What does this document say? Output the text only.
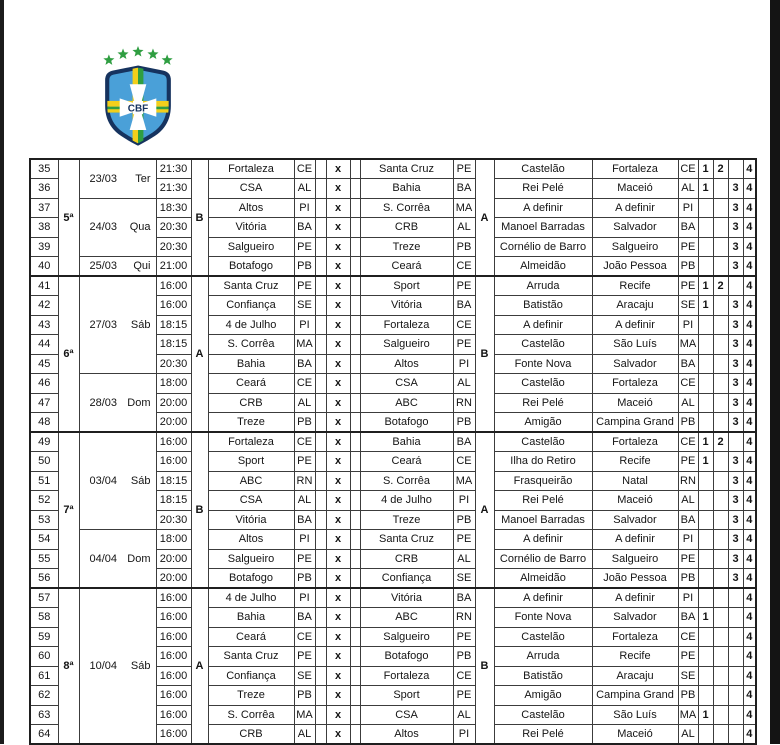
CBF
35	5ª	23/03 Ter	21:30	B	Fortaleza	CE		x		Santa Cruz	PE	A	Castelão	Fortaleza	CE	1	2		4
36			21:30		CSA	AL		x		Bahia	BA		Rei Pelé	Maceió	AL	1		3	4
37		24/03 Qua	18:30		Altos	PI		x		S. Corrêa	MA		A definir	A definir	PI			3	4
38			20:30		Vitória	BA		x		CRB	AL		Manoel Barradas	Salvador	BA			3	4
39			20:30		Salgueiro	PE		x		Treze	PB		Cornélio de Barro	Salgueiro	PE			3	4
40		25/03 Qui	21:00		Botafogo	PB		x		Ceará	CE		Almeidão	João Pessoa	PB			3	4
41	6ª	27/03 Sáb	16:00	A	Santa Cruz	PE		x		Sport	PE	B	Arruda	Recife	PE	1	2		4
42			16:00		Confiança	SE		x		Vitória	BA		Batistão	Aracaju	SE	1		3	4
43			18:15		4 de Julho	PI		x		Fortaleza	CE		A definir	A definir	PI			3	4
44			18:15		S. Corrêa	MA		x		Salgueiro	PE		Castelão	São Luís	MA			3	4
45			20:30		Bahia	BA		x		Altos	PI		Fonte Nova	Salvador	BA			3	4
46		28/03 Dom	18:00		Ceará	CE		x		CSA	AL		Castelão	Fortaleza	CE			3	4
47			20:00		CRB	AL		x		ABC	RN		Rei Pelé	Maceió	AL			3	4
48			20:00		Treze	PB		x		Botafogo	PB		Amigão	Campina Grand	PB			3	4
49	7ª	03/04 Sáb	16:00	B	Fortaleza	CE		x		Bahia	BA	A	Castelão	Fortaleza	CE	1	2		4
50			16:00		Sport	PE		x		Ceará	CE		Ilha do Retiro	Recife	PE	1		3	4
51			18:15		ABC	RN		x		S. Corrêa	MA		Frasqueirão	Natal	RN			3	4
52			18:15		CSA	AL		x		4 de Julho	PI		Rei Pelé	Maceió	AL			3	4
53			20:30		Vitória	BA		x		Treze	PB		Manoel Barradas	Salvador	BA			3	4
54		04/04 Dom	18:00		Altos	PI		x		Santa Cruz	PE		A definir	A definir	PI			3	4
55			20:00		Salgueiro	PE		x		CRB	AL		Cornélio de Barro	Salgueiro	PE			3	4
56			20:00		Botafogo	PB		x		Confiança	SE		Almeidão	João Pessoa	PB			3	4
57	8ª	10/04 Sáb	16:00	A	4 de Julho	PI		x		Vitória	BA	B	A definir	A definir	PI				4
58			16:00		Bahia	BA		x		ABC	RN		Fonte Nova	Salvador	BA	1			4
59			16:00		Ceará	CE		x		Salgueiro	PE		Castelão	Fortaleza	CE				4
60			16:00		Santa Cruz	PE		x		Botafogo	PB		Arruda	Recife	PE				4
61			16:00		Confiança	SE		x		Fortaleza	CE		Batistão	Aracaju	SE				4
62			16:00		Treze	PB		x		Sport	PE		Amigão	Campina Grand	PB				4
63			16:00		S. Corrêa	MA		x		CSA	AL		Castelão	São Luís	MA	1			4
64			16:00		CRB	AL		x		Altos	PI		Rei Pelé	Maceió	AL				4
